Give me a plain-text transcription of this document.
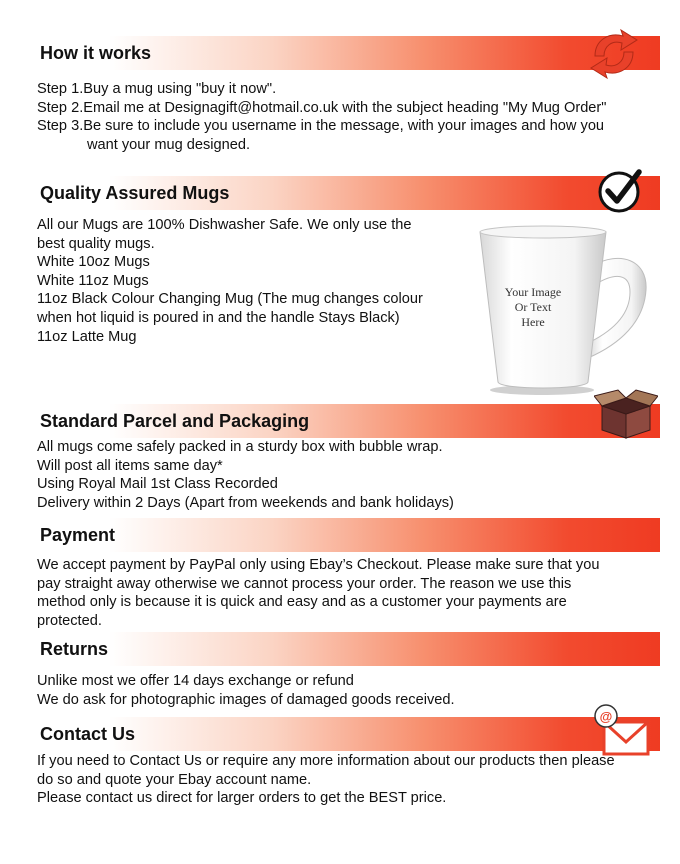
How it works
Step 1.Buy a mug using "buy it now".
Step 2.Email me at Designagift@hotmail.co.uk with the subject heading "My Mug Order"
Step 3.Be sure to include you username in the message, with your images and how you
want your mug designed.
Quality Assured Mugs
All our Mugs are 100% Dishwasher Safe. We only use the
best quality mugs.
White 10oz Mugs
White 11oz Mugs
11oz Black Colour Changing Mug (The mug changes colour
when hot liquid is poured in and the handle Stays Black)
11oz Latte Mug
Your Image
Or Text
Here
Standard Parcel and Packaging
All mugs come safely packed in a sturdy box with bubble wrap.
Will post all items same day*
Using Royal Mail 1st Class Recorded
Delivery within 2 Days (Apart from weekends and bank holidays)
Payment
We accept payment by PayPal only using Ebay’s Checkout. Please make sure that you
pay straight away otherwise we cannot process your order. The reason we use this
method only is because it is quick and easy and as a customer your payments are
protected.
Returns
Unlike most we offer 14 days exchange or refund
We do ask for photographic images of damaged goods received.
Contact Us
@
If you need to Contact Us or require any more information about our products then please
do so and quote your Ebay account name.
Please contact us direct for larger orders to get the BEST price.
